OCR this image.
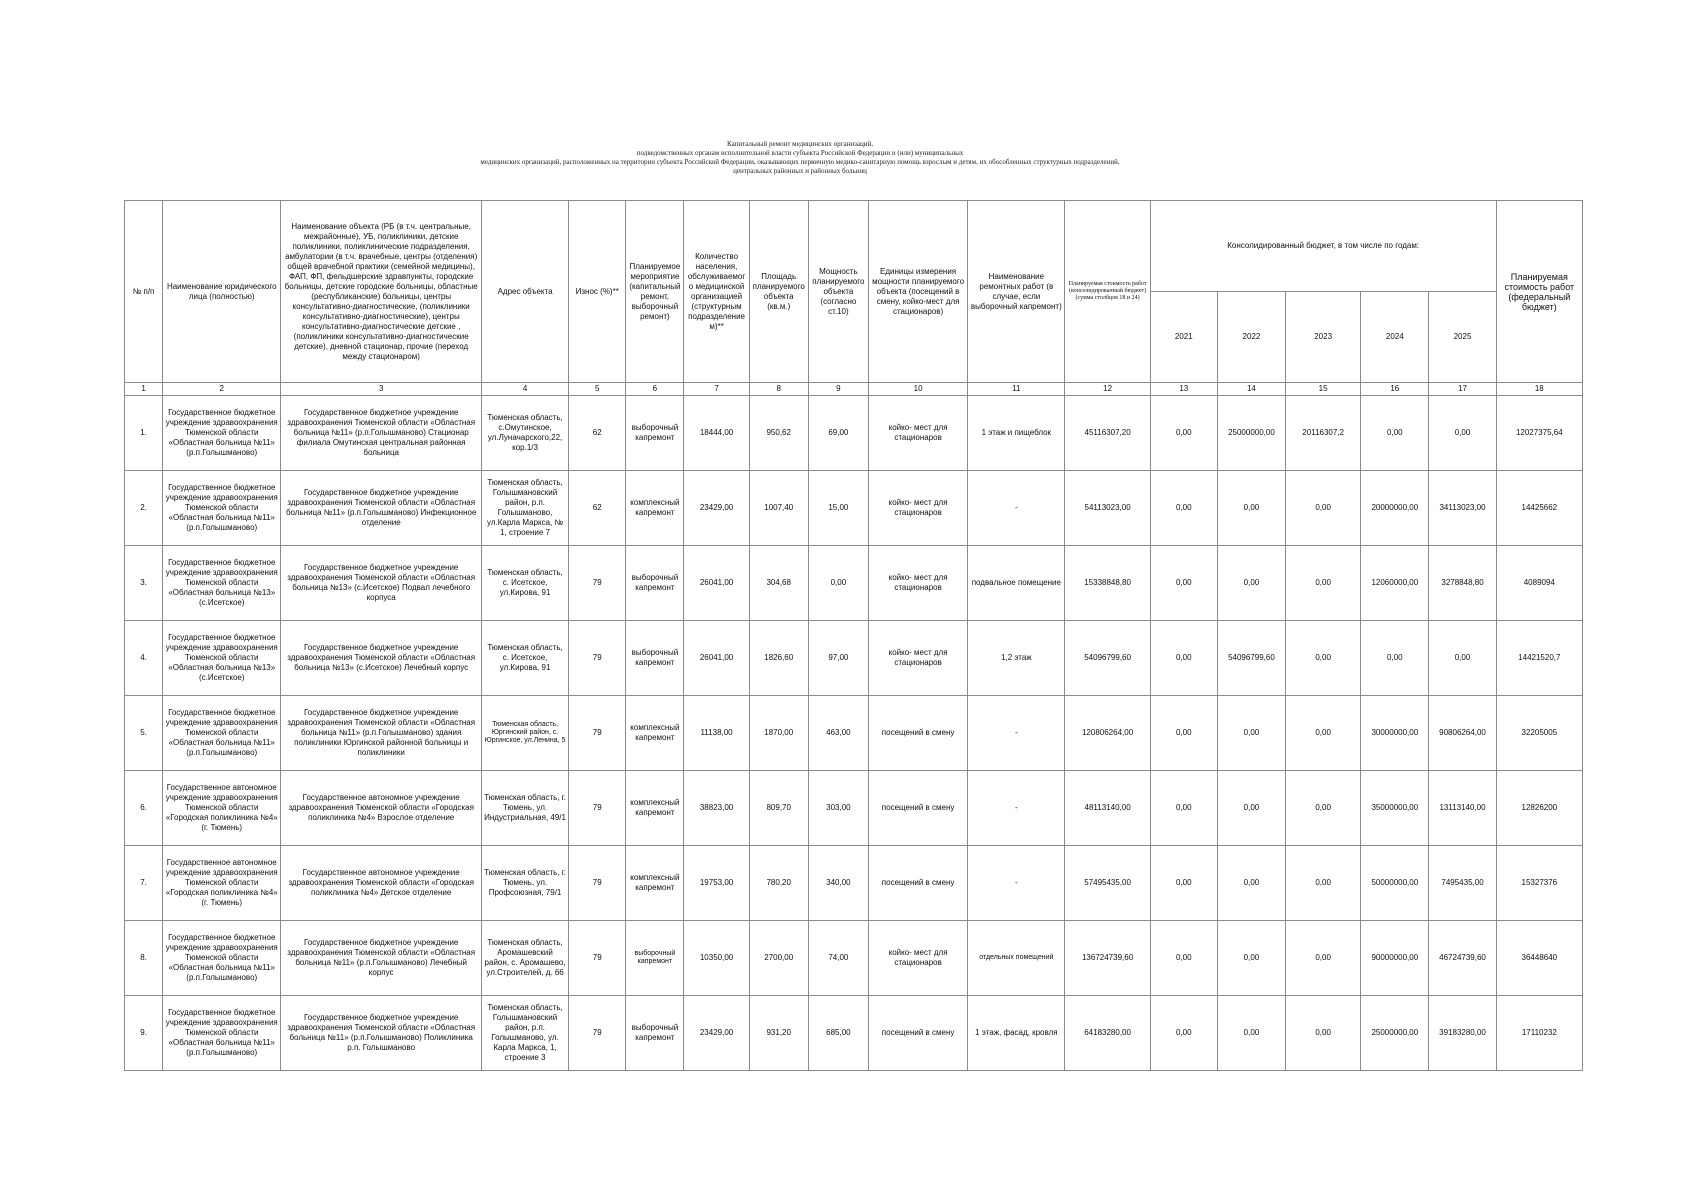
Капитальный ремонт медицинских организаций,
подведомственных органам исполнительной власти субъекта Российской Федерации и (или) муниципальных
медицинских организаций, расположенных на территории субъекта Российской Федерации, оказывающих первичную медико-санитарную помощь взрослым и детям, их обособленных структурных подразделений,
центральных районных и районных больниц
№ п/п	Наименование юридического лица (полностью)	Наименование объекта (РБ (в т.ч. центральные, межрайонные), УБ, поликлиники, детские поликлиники, поликлинические подразделения, амбулатории (в т.ч. врачебные, центры (отделения) общей врачебной практики (семейной медицины), ФАП, ФП, фельдшерские здравпункты, городские больницы, детские городские больницы, областные (республиканские) больницы, центры консультативно-диагностические, (поликлиники консультативно-диагностические), центры консультативно-диагностические детские , (поликлиники консультативно-диагностические детские), дневной стационар, прочие (переход между стационаром)	Адрес объекта	Износ (%)**	Планируемое мероприятие (капитальный ремонт, выборочный ремонт)	Количество населения, обслуживаемого медицинской организацией (структурным подразделением)**	Площадь планируемого объекта (кв.м.)	Мощность планируемого объекта (согласно ст.10)	Единицы измерения мощности планируемого объекта (посещений в смену, койко-мест для стационаров)	Наименование ремонтных работ (в случае, если выборочный капремонт)	Планируемая стоимость работ (консолидированный бюджет) (сумма столбцов 18 и 24)	Консолидированный бюджет, в том числе по годам:					Планируемая стоимость работ (федеральный бюджет)
												2021	2022	2023	2024	2025	
1	2	3	4	5	6	7	8	9	10	11	12	13	14	15	16	17	18
1.	Государственное бюджетное учреждение здравоохранения Тюменской области «Областная больница №11» (р.п.Голышманово)	Государственное бюджетное учреждение здравоохранения Тюменской области «Областная больница №11» (р.п.Голышманово) Стационар филиала Омутинская центральная районная больница	Тюменская область, с.Омутинское, ул.Луначарского,22, кор.1/3	62	выборочный капремонт	18444,00	950,62	69,00	койко- мест для стационаров	1 этаж и пищеблок	45116307,20	0,00	25000000,00	20116307,2	0,00	0,00	12027375,64
2.	Государственное бюджетное учреждение здравоохранения Тюменской области «Областная больница №11» (р.п.Голышманово)	Государственное бюджетное учреждение здравоохранения Тюменской области «Областная больница №11» (р.п.Голышманово) Инфекционное отделение	Тюменская область, Голышмановский район, р.п. Голышманово, ул.Карла Маркса, № 1, строение 7	62	комплексный капремонт	23429,00	1007,40	15,00	койко- мест для стационаров	-	54113023,00	0,00	0,00	0,00	20000000,00	34113023,00	14425662
3.	Государственное бюджетное учреждение здравоохранения Тюменской области «Областная больница №13» (с.Исетское)	Государственное бюджетное учреждение здравоохранения Тюменской области «Областная больница №13» (с.Исетское) Подвал лечебного корпуса	Тюменская область, с. Исетское, ул.Кирова, 91	79	выборочный капремонт	26041,00	304,68	0,00	койко- мест для стационаров	подвальное помещение	15338848,80	0,00	0,00	0,00	12060000,00	3278848,80	4089094
4.	Государственное бюджетное учреждение здравоохранения Тюменской области «Областная больница №13» (с.Исетское)	Государственное бюджетное учреждение здравоохранения Тюменской области «Областная больница №13» (с.Исетское) Лечебный корпус	Тюменская область, с. Исетское, ул.Кирова, 91	79	выборочный капремонт	26041,00	1826,60	97,00	койко- мест для стационаров	1,2 этаж	54096799,60	0,00	54096799,60	0,00	0,00	0,00	14421520,7
5.	Государственное бюджетное учреждение здравоохранения Тюменской области «Областная больница №11» (р.п.Голышманово)	Государственное бюджетное учреждение здравоохранения Тюменской области «Областная больница №11» (р.п.Голышманово) здания поликлиники Юргинской районной больницы и поликлиники	Тюменская область, Юргинский район, с. Юргинское, ул.Ленина, 5	79	комплексный капремонт	11138,00	1870,00	463,00	посещений в смену	-	120806264,00	0,00	0,00	0,00	30000000,00	90806264,00	32205005
6.	Государственное автономное учреждение здравоохранения Тюменской области «Городская поликлиника №4» (г. Тюмень)	Государственное автономное учреждение здравоохранения Тюменской области «Городская поликлиника №4» Взрослое отделение	Тюменская область, г. Тюмень, ул. Индустриальная, 49/1	79	комплексный капремонт	38823,00	809,70	303,00	посещений в смену	-	48113140,00	0,00	0,00	0,00	35000000,00	13113140,00	12826200
7.	Государственное автономное учреждение здравоохранения Тюменской области «Городская поликлиника №4» (г. Тюмень)	Государственное автономное учреждение здравоохранения Тюменской области «Городская поликлиника №4» Детское отделение	Тюменская область, г. Тюмень, ул. Профсоюзная, 79/1	79	комплексный капремонт	19753,00	780,20	340,00	посещений в смену	-	57495435,00	0,00	0,00	0,00	50000000,00	7495435,00	15327376
8.	Государственное бюджетное учреждение здравоохранения Тюменской области «Областная больница №11» (р.п.Голышманово)	Государственное бюджетное учреждение здравоохранения Тюменской области «Областная больница №11» (р.п.Голышманово) Лечебный корпус	Тюменская область, Аромашевский район, с. Аромашево, ул.Строителей, д. 66	79	выборочный капремонт	10350,00	2700,00	74,00	койко- мест для стационаров	отдельных помещений	136724739,60	0,00	0,00	0,00	90000000,00	46724739,60	36448640
9.	Государственное бюджетное учреждение здравоохранения Тюменской области «Областная больница №11» (р.п.Голышманово)	Государственное бюджетное учреждение здравоохранения Тюменской области «Областная больница №11» (р.п.Голышманово) Поликлиника р.п. Голышманово	Тюменская область, Голышмановский район, р.п. Голышманово, ул. Карла Маркса, 1, строение 3	79	выборочный капремонт	23429,00	931,20	685,00	посещений в смену	1 этаж, фасад, кровля	64183280,00	0,00	0,00	0,00	25000000,00	39183280,00	17110232
